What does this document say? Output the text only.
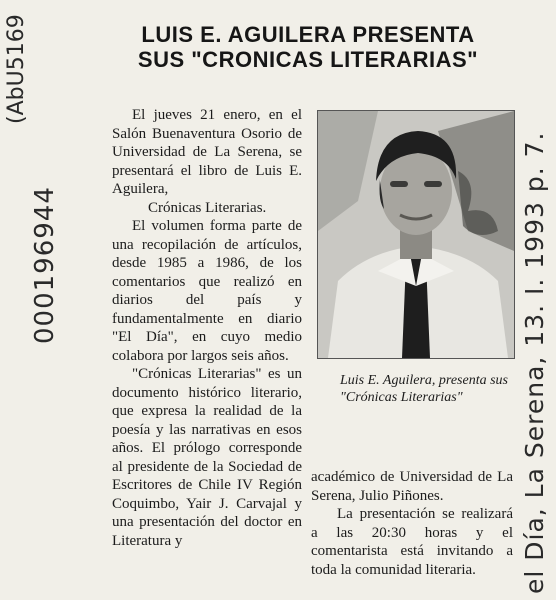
LUIS E. AGUILERA PRESENTA
SUS "CRONICAS LITERARIAS"

El jueves 21 enero, en el Salón Buenaventura Osorio de Universidad de La Serena, se presentará el libro de Luis E. Aguilera,

Crónicas Literarias.

El volumen forma parte de una recopilación de artículos, desde 1985 a 1986, de los comentarios que realizó en diarios del país y fundamentalmente en diario "El Día", en cuyo medio colabora por largos seis años.

"Crónicas Literarias" es un documento histórico literario, que expresa la realidad de la poesía y las narrativas en esos años. El prólogo corresponde al presidente de la Sociedad de Escritores de Chile IV Región Coquimbo, Yair J. Carvajal y una presentación del doctor en Literatura y

Luis E. Aguilera, presenta sus "Crónicas Literarias"

académico de Universidad de La Serena, Julio Piñones.

La presentación se realizará a las 20:30 horas y el comentarista está invitando a toda la comunidad literaria.

(AbU5169
000196944	el Día, La Serena, 13. I. 1993 p. 7.
